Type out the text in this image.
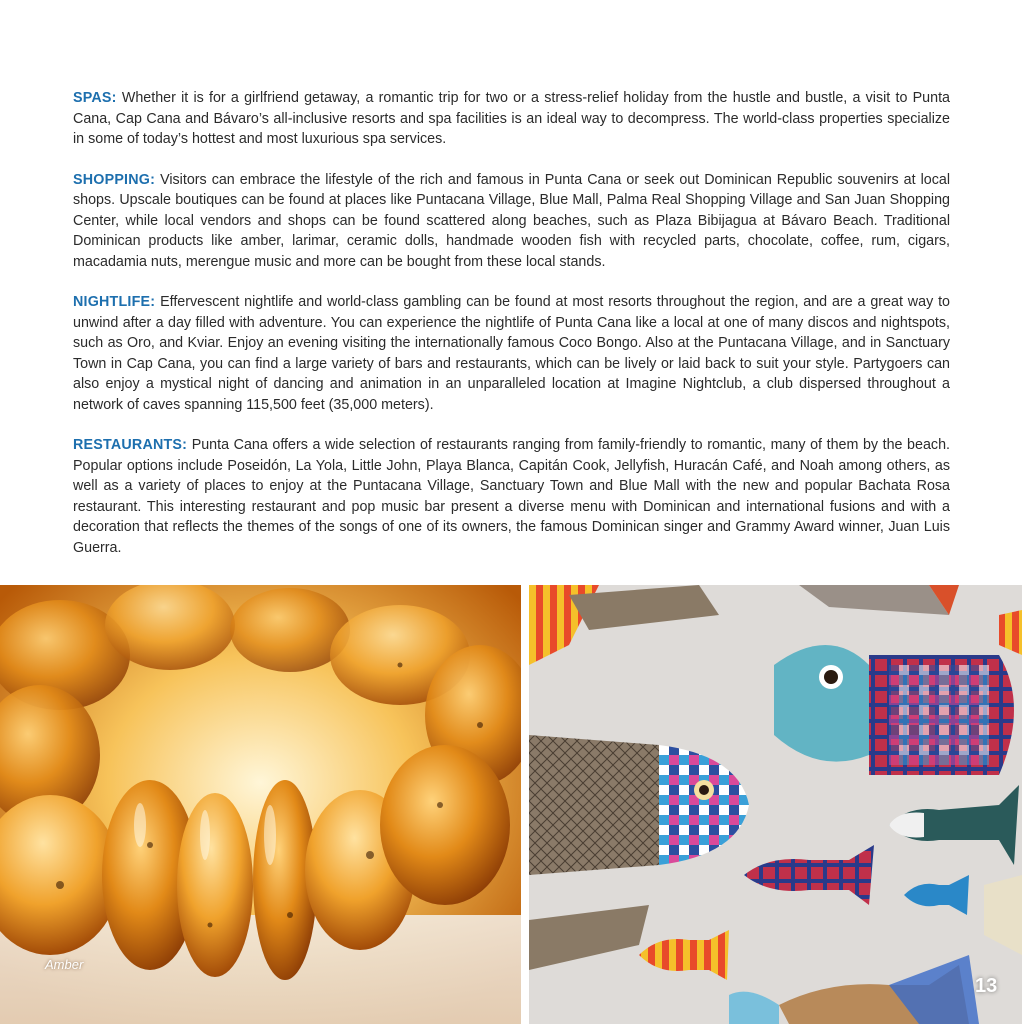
SPAS: Whether it is for a girlfriend getaway, a romantic trip for two or a stress-relief holiday from the hustle and bustle, a visit to Punta Cana, Cap Cana and Bávaro’s all-inclusive resorts and spa facilities is an ideal way to decompress. The world-class properties specialize in some of today’s hottest and most luxurious spa services.

SHOPPING: Visitors can embrace the lifestyle of the rich and famous in Punta Cana or seek out Dominican Republic souvenirs at local shops. Upscale boutiques can be found at places like Puntacana Village, Blue Mall, Palma Real Shopping Village and San Juan Shopping Center, while local vendors and shops can be found scattered along beaches, such as Plaza Bibijagua at Bávaro Beach. Traditional Dominican products like amber, larimar, ceramic dolls, handmade wooden fish with recycled parts, chocolate, coffee, rum, cigars, macadamia nuts, merengue music and more can be bought from these local stands.

NIGHTLIFE: Effervescent nightlife and world-class gambling can be found at most resorts throughout the region, and are a great way to unwind after a day filled with adventure. You can experience the nightlife of Punta Cana like a local at one of many discos and nightspots, such as Oro, and Kviar. Enjoy an evening visiting the internationally famous Coco Bongo. Also at the Puntacana Village, and in Sanctuary Town in Cap Cana, you can find a large variety of bars and restaurants, which can be lively or laid back to suit your style. Partygoers can also enjoy a mystical night of dancing and animation in an unparalleled location at Imagine Nightclub, a club dispersed throughout a network of caves spanning 115,500 feet (35,000 meters).

RESTAURANTS: Punta Cana offers a wide selection of restaurants ranging from family-friendly to romantic, many of them by the beach. Popular options include Poseidón, La Yola, Little John, Playa Blanca, Capitán Cook, Jellyfish, Huracán Café, and Noah among others, as well as a variety of places to enjoy at the Puntacana Village, Sanctuary Town and Blue Mall with the new and popular Bachata Rosa restaurant. This interesting restaurant and pop music bar present a diverse menu with Dominican and international fusions and with a decoration that reflects the themes of the songs of one of its owners, the famous Dominican singer and Grammy Award winner, Juan Luis Guerra.

Amber
13
